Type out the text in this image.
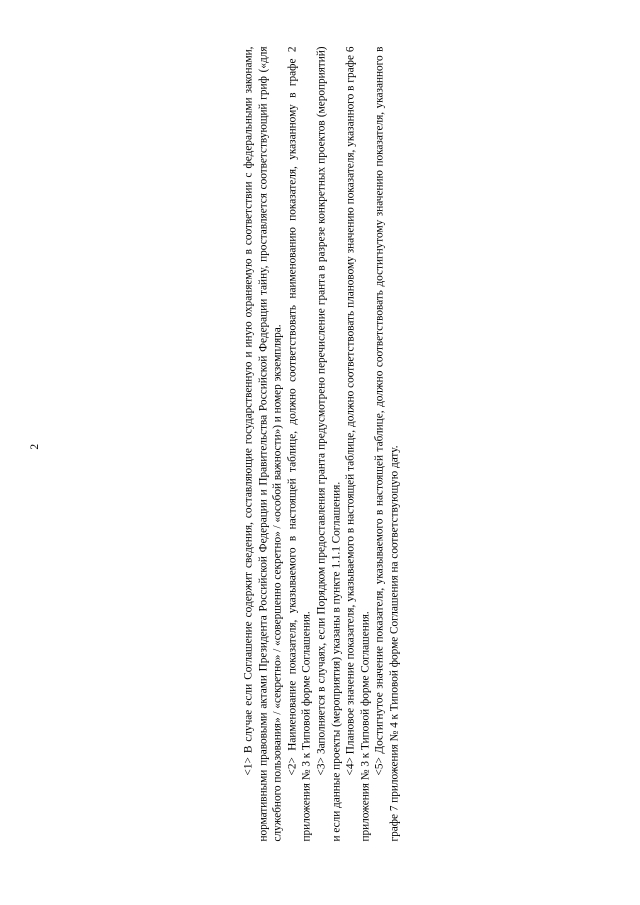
2	<1> В случае если Соглашение содержит сведения, составляющие государственную и иную охраняемую в соответствии с федеральными законами, нормативными правовыми актами Президента Российской Федерации и Правительства Российской Федерации тайну, проставляется соответствующий гриф («для служебного пользования» / «секретно» / «совершенно секретно» / «особой важности») и номер экземпляра. <2> Наименование показателя, указываемого в настоящей таблице, должно соответствовать наименованию показателя, указанному в графе 2 приложения № 3 к Типовой форме Соглашения. <3> Заполняется в случаях, если Порядком предоставления гранта предусмотрено перечисление гранта в разрезе конкретных проектов (мероприятий) и если данные проекты (мероприятия) указаны в пункте 1.1.1 Соглашения. <4> Плановое значение показателя, указываемого в настоящей таблице, должно соответствовать плановому значению показателя, указанного в графе 6 приложения № 3 к Типовой форме Соглашения. <5> Достигнутое значение показателя, указываемого в настоящей таблице, должно соответствовать достигнутому значению показателя, указанного в графе 7 приложения № 4 к Типовой форме Соглашения на соответствующую дату.
